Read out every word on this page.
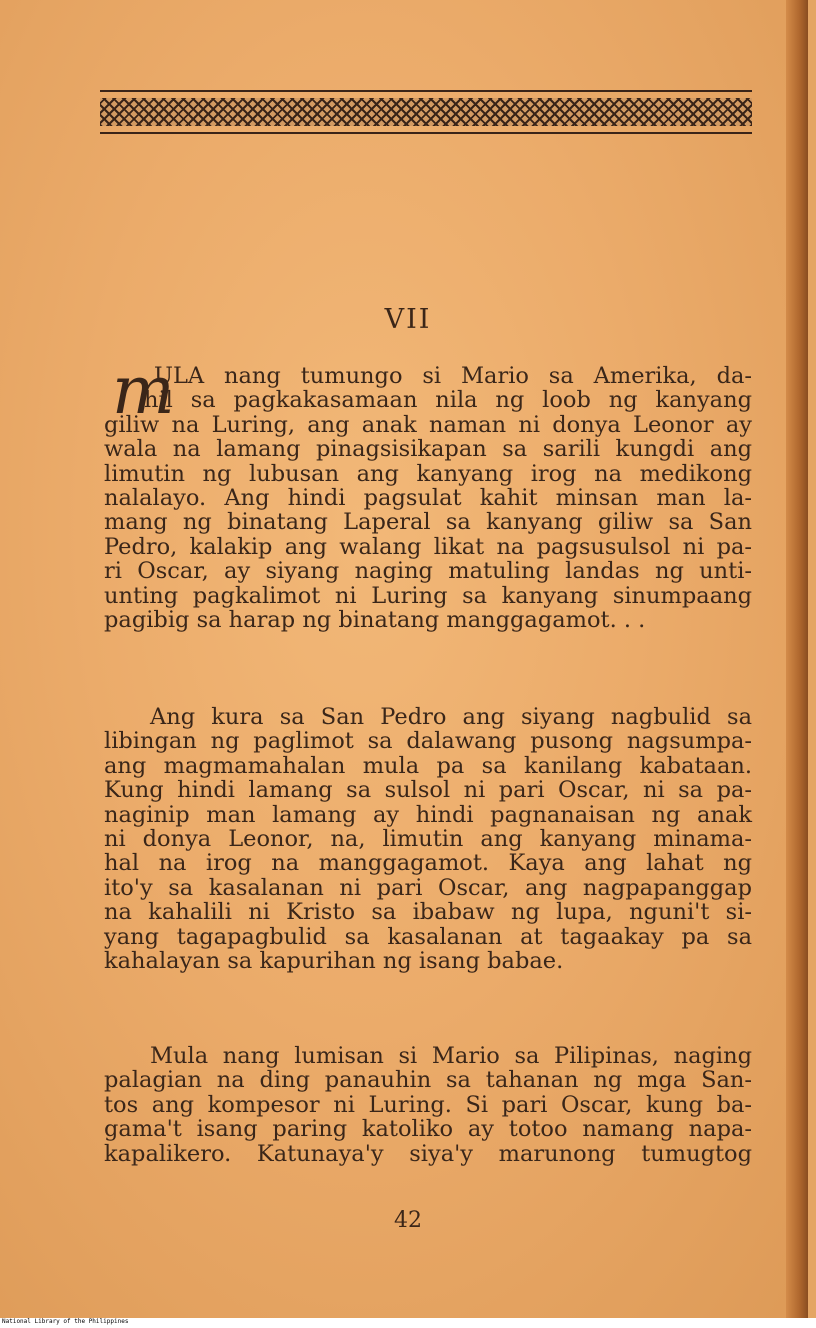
VII
m
ULA nang tumungo si Mario sa Amerika, da-
hil sa pagkakasamaan nila ng loob ng kanyang
giliw na Luring, ang anak naman ni donya Leonor ay
wala na lamang pinagsisikapan sa sarili kungdi ang
limutin ng lubusan ang kanyang irog na medikong
nalalayo. Ang hindi pagsulat kahit minsan man la-
mang ng binatang Laperal sa kanyang giliw sa San
Pedro, kalakip ang walang likat na pagsusulsol ni pa-
ri Oscar, ay siyang naging matuling landas ng unti-
unting pagkalimot ni Luring sa kanyang sinumpaang
pagibig sa harap ng binatang manggagamot. . .
Ang kura sa San Pedro ang siyang nagbulid sa
libingan ng paglimot sa dalawang pusong nagsumpa-
ang magmamahalan mula pa sa kanilang kabataan.
Kung hindi lamang sa sulsol ni pari Oscar, ni sa pa-
naginip man lamang ay hindi pagnanaisan ng anak
ni donya Leonor, na, limutin ang kanyang minama-
hal na irog na manggagamot. Kaya ang lahat ng
ito'y sa kasalanan ni pari Oscar, ang nagpapanggap
na kahalili ni Kristo sa ibabaw ng lupa, nguni't si-
yang tagapagbulid sa kasalanan at tagaakay pa sa
kahalayan sa kapurihan ng isang babae.
Mula nang lumisan si Mario sa Pilipinas, naging
palagian na ding panauhin sa tahanan ng mga San-
tos ang kompesor ni Luring. Si pari Oscar, kung ba-
gama't isang paring katoliko ay totoo namang napa-
kapalikero. Katunaya'y siya'y marunong tumugtog
42
National Library of the Philippines
